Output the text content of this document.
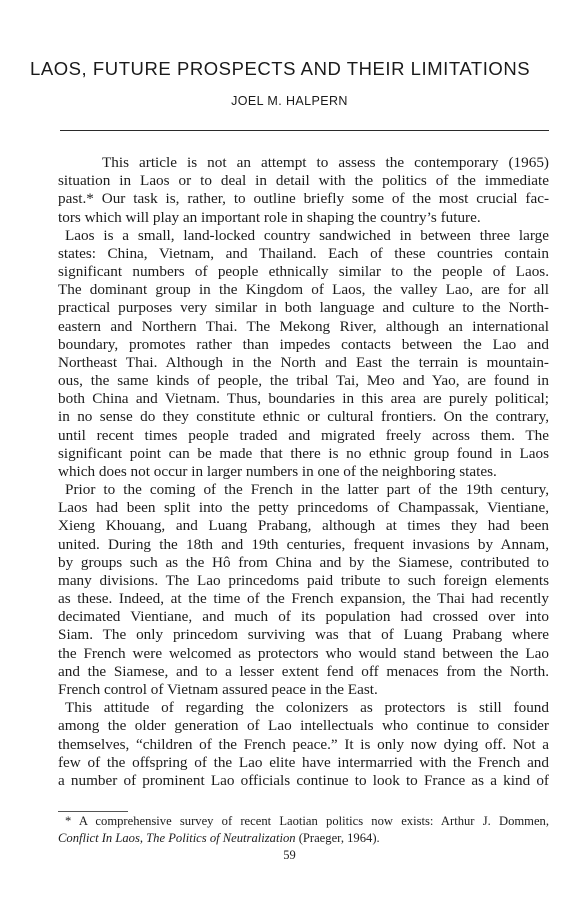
LAOS, FUTURE PROSPECTS AND THEIR LIMITATIONS
JOEL M. HALPERN
This article is not an attempt to assess the contemporary (1965)
situation in Laos or to deal in detail with the politics of the immediate
past.* Our task is, rather, to outline briefly some of the most crucial fac-
tors which will play an important role in shaping the country’s future.
Laos is a small, land-locked country sandwiched in between three large
states: China, Vietnam, and Thailand. Each of these countries contain
significant numbers of people ethnically similar to the people of Laos.
The dominant group in the Kingdom of Laos, the valley Lao, are for all
practical purposes very similar in both language and culture to the North-
eastern and Northern Thai. The Mekong River, although an international
boundary, promotes rather than impedes contacts between the Lao and
Northeast Thai. Although in the North and East the terrain is mountain-
ous, the same kinds of people, the tribal Tai, Meo and Yao, are found in
both China and Vietnam. Thus, boundaries in this area are purely political;
in no sense do they constitute ethnic or cultural frontiers. On the contrary,
until recent times people traded and migrated freely across them. The
significant point can be made that there is no ethnic group found in Laos
which does not occur in larger numbers in one of the neighboring states.
Prior to the coming of the French in the latter part of the 19th century,
Laos had been split into the petty princedoms of Champassak, Vientiane,
Xieng Khouang, and Luang Prabang, although at times they had been
united. During the 18th and 19th centuries, frequent invasions by Annam,
by groups such as the Hô from China and by the Siamese, contributed to
many divisions. The Lao princedoms paid tribute to such foreign elements
as these. Indeed, at the time of the French expansion, the Thai had recently
decimated Vientiane, and much of its population had crossed over into
Siam. The only princedom surviving was that of Luang Prabang where
the French were welcomed as protectors who would stand between the Lao
and the Siamese, and to a lesser extent fend off menaces from the North.
French control of Vietnam assured peace in the East.
This attitude of regarding the colonizers as protectors is still found
among the older generation of Lao intellectuals who continue to consider
themselves, “children of the French peace.” It is only now dying off. Not a
few of the offspring of the Lao elite have intermarried with the French and
a number of prominent Lao officials continue to look to France as a kind of
* A comprehensive survey of recent Laotian politics now exists: Arthur J. Dommen,
Conflict In Laos, The Politics of Neutralization (Praeger, 1964).
59
